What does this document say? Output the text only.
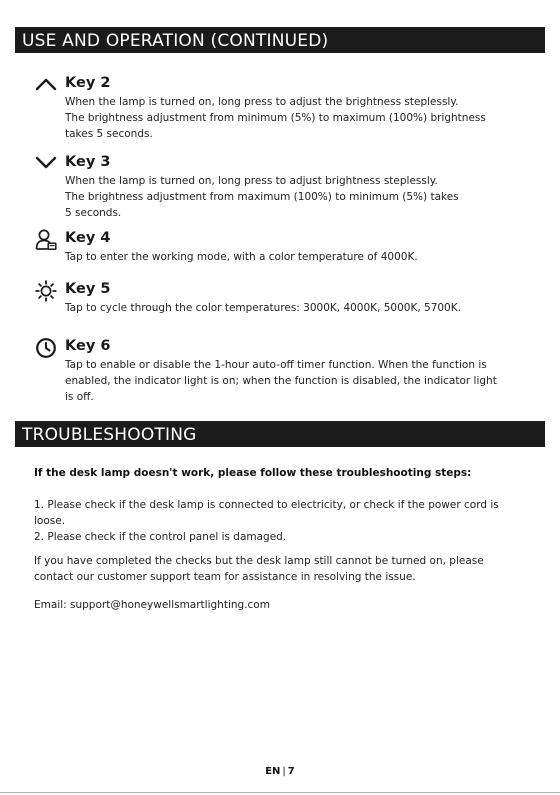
USE AND OPERATION (CONTINUED)
Key 2

When the lamp is turned on, long press to adjust the brightness steplessly.
The brightness adjustment from minimum (5%) to maximum (100%) brightness
takes 5 seconds.

Key 3

When the lamp is turned on, long press to adjust brightness steplessly.
The brightness adjustment from maximum (100%) to minimum (5%) takes
5 seconds.

Key 4

Tap to enter the working mode, with a color temperature of 4000K.

Key 5

Tap to cycle through the color temperatures: 3000K, 4000K, 5000K, 5700K.

Key 6

Tap to enable or disable the 1-hour auto-off timer function. When the function is
enabled, the indicator light is on; when the function is disabled, the indicator light
is off.

TROUBLESHOOTING

If the desk lamp doesn't work, please follow these troubleshooting steps:

1. Please check if the desk lamp is connected to electricity, or check if the power cord is
loose.
2. Please check if the control panel is damaged.

If you have completed the checks but the desk lamp still cannot be turned on, please
contact our customer support team for assistance in resolving the issue.

Email: support@honeywellsmartlighting.com

EN | 7
